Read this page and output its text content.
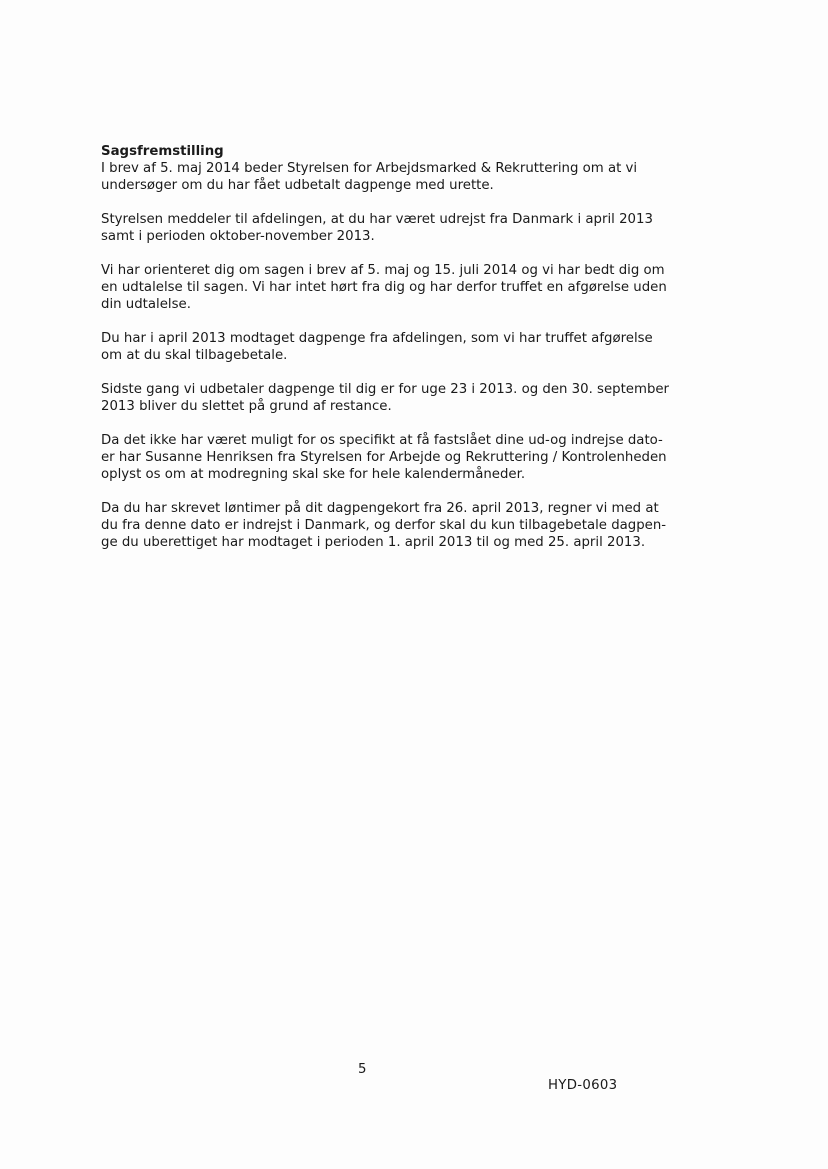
Sagsfremstilling

I brev af 5. maj 2014 beder Styrelsen for Arbejdsmarked & Rekruttering om at vi
undersøger om du har fået udbetalt dagpenge med urette.

Styrelsen meddeler til afdelingen, at du har været udrejst fra Danmark i april 2013
samt i perioden oktober-november 2013.

Vi har orienteret dig om sagen i brev af 5. maj og 15. juli 2014 og vi har bedt dig om
en udtalelse til sagen. Vi har intet hørt fra dig og har derfor truffet en afgørelse uden
din udtalelse.

Du har i april 2013 modtaget dagpenge fra afdelingen, som vi har truffet afgørelse
om at du skal tilbagebetale.

Sidste gang vi udbetaler dagpenge til dig er for uge 23 i 2013. og den 30. september
2013 bliver du slettet på grund af restance.

Da det ikke har været muligt for os specifikt at få fastslået dine ud-og indrejse dato-
er har Susanne Henriksen fra Styrelsen for Arbejde og Rekruttering / Kontrolenheden
oplyst os om at modregning skal ske for hele kalendermåneder.

Da du har skrevet løntimer på dit dagpengekort fra 26. april 2013, regner vi med at
du fra denne dato er indrejst i Danmark, og derfor skal du kun tilbagebetale dagpen-
ge du uberettiget har modtaget i perioden 1. april 2013 til og med 25. april 2013.

5
HYD-0603
